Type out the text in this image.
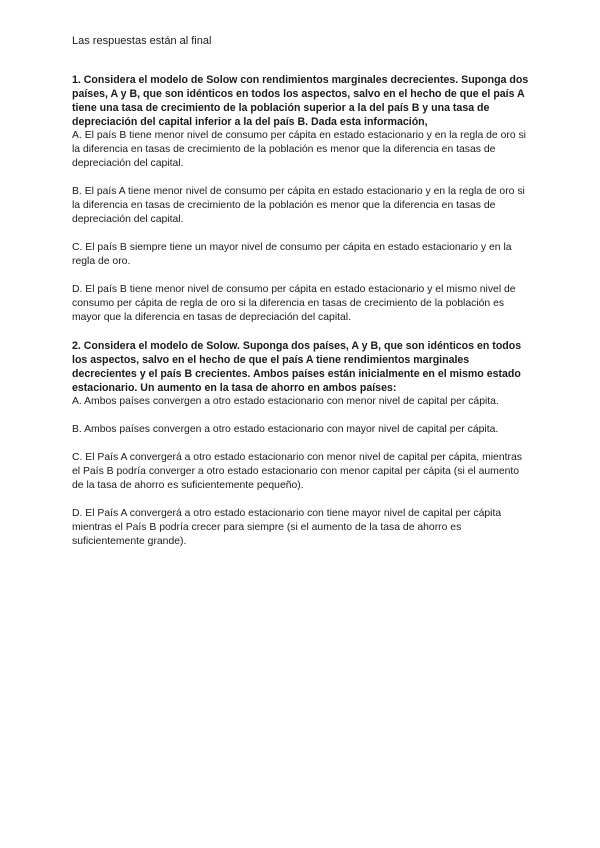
Las respuestas están al final

1. Considera el modelo de Solow con rendimientos marginales decrecientes. Suponga dos países, A y B, que son idénticos en todos los aspectos, salvo en el hecho de que el país A tiene una tasa de crecimiento de la población superior a la del país B y una tasa de depreciación del capital inferior a la del país B. Dada esta información,

A. El país B tiene menor nivel de consumo per cápita en estado estacionario y en la regla de oro si la diferencia en tasas de crecimiento de la población es menor que la diferencia en tasas de depreciación del capital.

B. El país A tiene menor nivel de consumo per cápita en estado estacionario y en la regla de oro si la diferencia en tasas de crecimiento de la población es menor que la diferencia en tasas de depreciación del capital.

C. El país B siempre tiene un mayor nivel de consumo per cápita en estado estacionario y en la regla de oro.

D. El país B tiene menor nivel de consumo per cápita en estado estacionario y el mismo nivel de consumo per cápita de regla de oro si la diferencia en tasas de crecimiento de la población es mayor que la diferencia en tasas de depreciación del capital.

2. Considera el modelo de Solow. Suponga dos países, A y B, que son idénticos en todos los aspectos, salvo en el hecho de que el país A tiene rendimientos marginales decrecientes y el país B crecientes. Ambos países están inicialmente en el mismo estado estacionario. Un aumento en la tasa de ahorro en ambos países:

A. Ambos países convergen a otro estado estacionario con menor nivel de capital per cápita.

B. Ambos países convergen a otro estado estacionario con mayor nivel de capital per cápita.

C. El País A convergerá a otro estado estacionario con menor nivel de capital per cápita, mientras el País B podría converger a otro estado estacionario con menor capital per cápita (si el aumento de la tasa de ahorro es suficientemente pequeño).

D. El País A convergerá a otro estado estacionario con tiene mayor nivel de capital per cápita mientras el País B podría crecer para siempre (si el aumento de la tasa de ahorro es suficientemente grande).
